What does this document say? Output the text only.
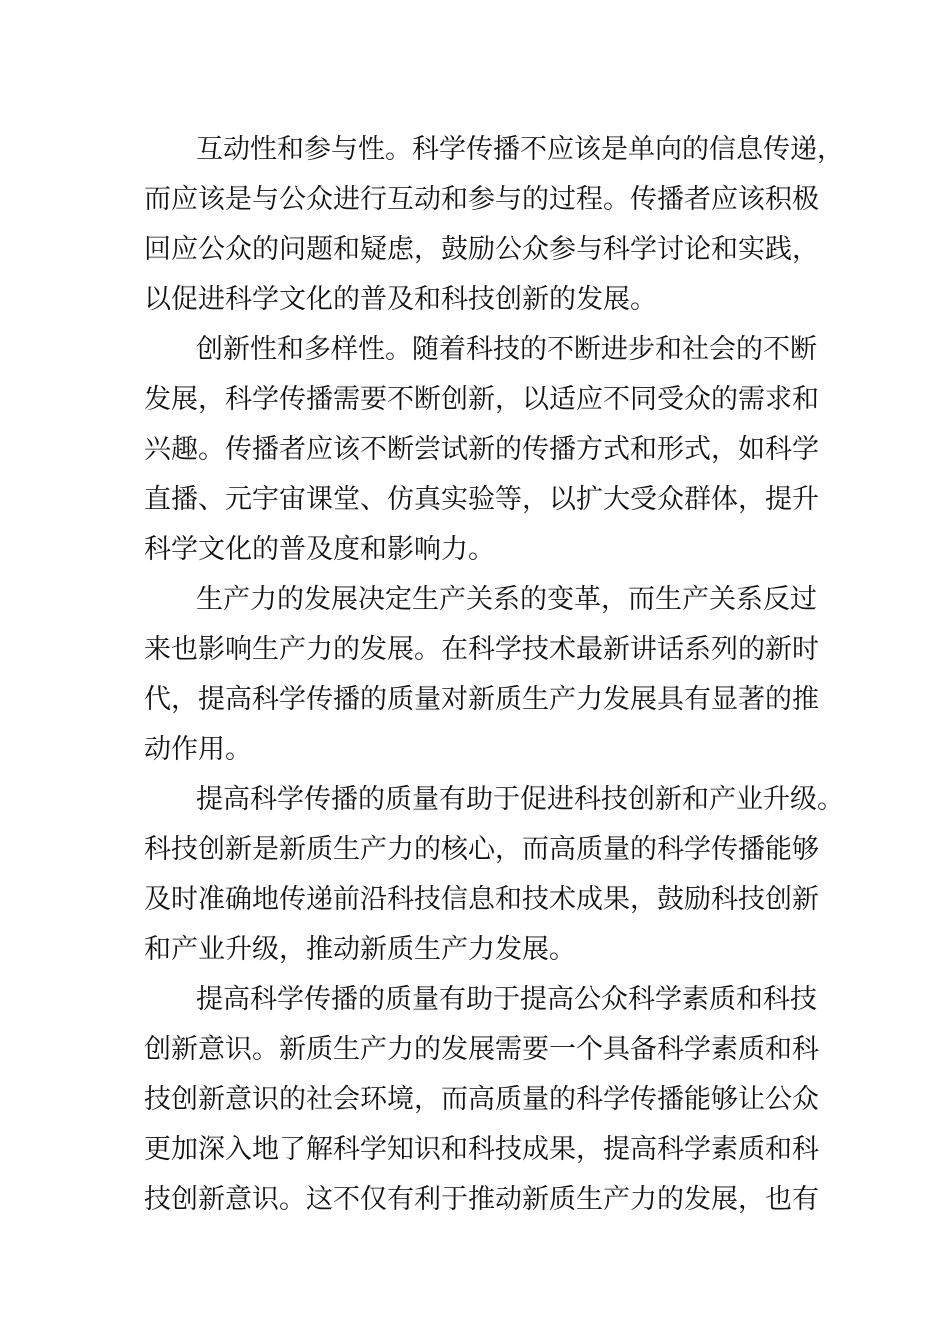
互动性和参与性。科学传播不应该是单向的信息传递，
而应该是与公众进行互动和参与的过程。传播者应该积极
回应公众的问题和疑虑，鼓励公众参与科学讨论和实践，
以促进科学文化的普及和科技创新的发展。
创新性和多样性。随着科技的不断进步和社会的不断
发展，科学传播需要不断创新，以适应不同受众的需求和
兴趣。传播者应该不断尝试新的传播方式和形式，如科学
直播、元宇宙课堂、仿真实验等，以扩大受众群体，提升
科学文化的普及度和影响力。
生产力的发展决定生产关系的变革，而生产关系反过
来也影响生产力的发展。在科学技术最新讲话系列的新时
代，提高科学传播的质量对新质生产力发展具有显著的推
动作用。
提高科学传播的质量有助于促进科技创新和产业升级。
科技创新是新质生产力的核心，而高质量的科学传播能够
及时准确地传递前沿科技信息和技术成果，鼓励科技创新
和产业升级，推动新质生产力发展。
提高科学传播的质量有助于提高公众科学素质和科技
创新意识。新质生产力的发展需要一个具备科学素质和科
技创新意识的社会环境，而高质量的科学传播能够让公众
更加深入地了解科学知识和科技成果，提高科学素质和科
技创新意识。这不仅有利于推动新质生产力的发展，也有
